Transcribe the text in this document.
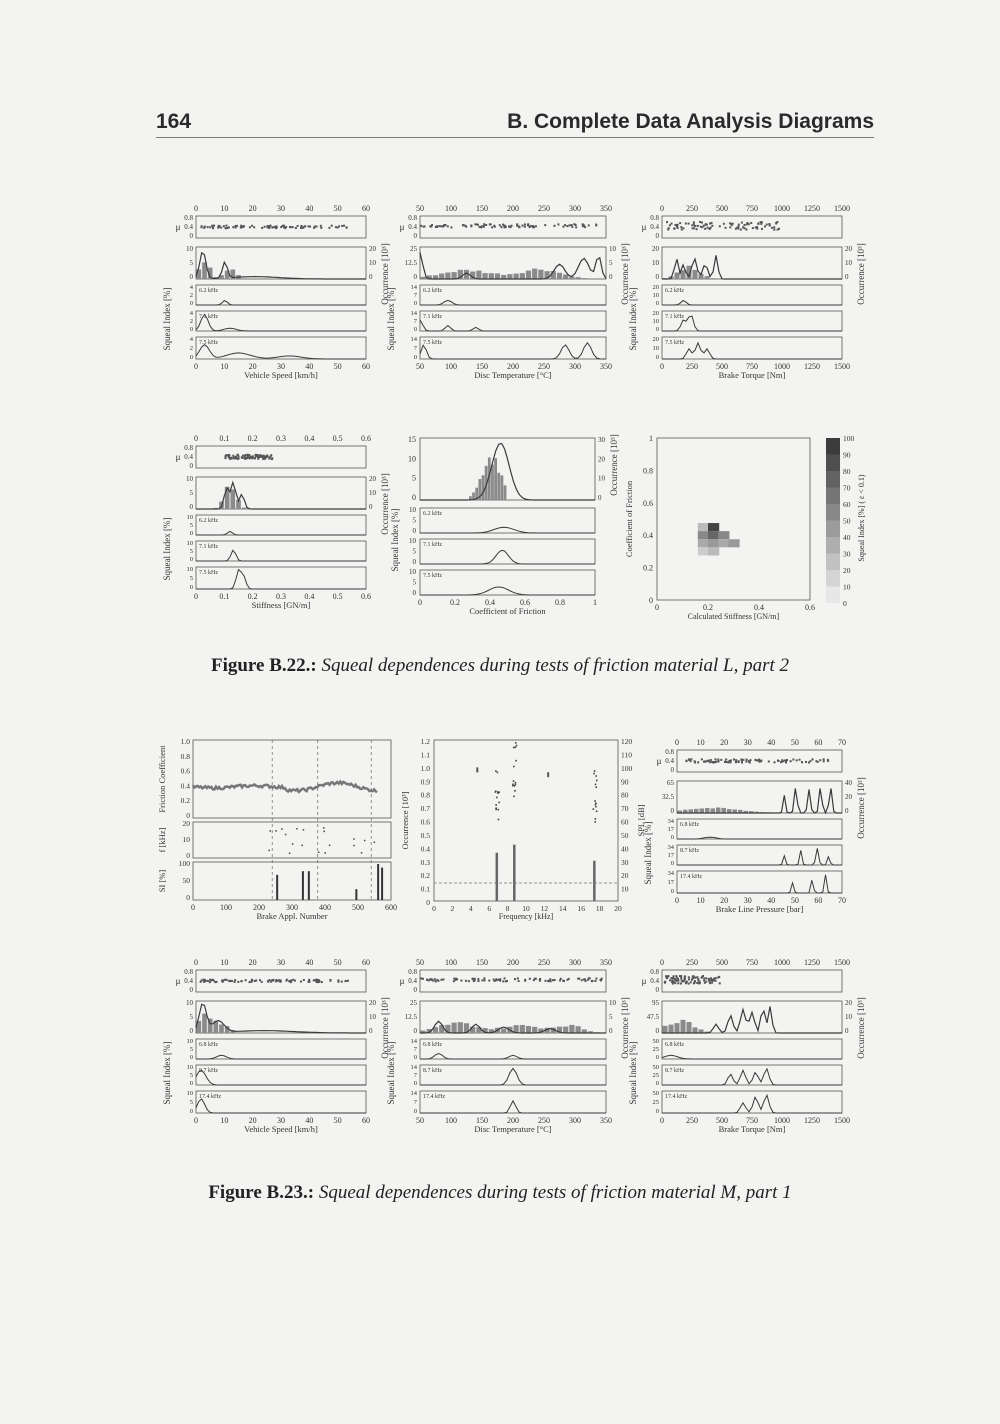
164	B. Complete Data Analysis Diagrams
0	10	20	30	40	50	60
μ
0.8
0.4
0
10
5
0
20
10
0
4
2
0
6.2 kHz
4
2
0
7.1 kHz
4
2
0
7.5 kHz
Squeal Index [%]
Occurrence [10³]
0	10	20	30	40	50	60
Vehicle Speed [km/h]
50	100 150 200 250 300 350
μ
0.8
0.4
0
25
12.5
0
10
5
0
14
7
0
6.2 kHz
14
7
0
7.1 kHz
14
7
0
7.5 kHz
Squeal Index [%]
Occurrence [10³]
50	100 150 200 250 300 350
Disc Temperature [°C]
0	250 500 750 1000 1250 1500
μ
0.8
0.4
0
20
10
0
20
10
0
20
10
0
6.2 kHz
20
10
0
7.1 kHz
20
10
0
7.5 kHz
Squeal Index [%]
Occurrence [10³]
0	250 500 750 1000 1250 1500
Brake Torque [Nm]
0	0.1 0.2 0.3 0.4 0.5 0.6
μ
0.8
0.4
0
10
5
0
20
10
0
10
5
0
6.2 kHz
10
5
0
7.1 kHz
10
5
0
7.5 kHz
Squeal Index [%]
Occurrence [10³]
0	0.1 0.2 0.3 0.4 0.5 0.6
Stiffness [GN/m]
15
10
5
0
30
20
10
0
10
5
0
6.2 kHz
10
5
0
7.1 kHz
10
5
0
7.5 kHz
0	0.2	0.4	0.6	0.8	1
Coefficient of Friction
Squeal Index [%]
Occurrence [10³]	1
0.8
0.6
0.4
0.2
0
0	0.2	0.4	0.6
Calculated Stiffness [GN/m]
Coefficient of Friction
100
90
80
70
60
50
40
30
20
10
0
Squeal Index [%] ( ε < 0.1)
1.0
0.8
0.6
0.4
0.2
0
Friction Coefficient
20
10
0
f [kHz]
100
50
0
SI [%]
0	100	200	300	400	500	600
Brake Appl. Number
1.2
1.1
1.0
0.9
0.8
0.7
0.6
0.5
0.4
0.3
0.2
0.1
0
120
110
100
90
80
70
60
50
40
30
20
10
0 2 4 6 8 10 12 14 16 18 20
Frequency [kHz]
Occurrence [10³]	SPL [dB]
0 10 20 30 40 50 60 70
μ
0.8
0.4
0
65
32.5
0
40
20
0
34
17
0
6.8 kHz
34
17
0
8.7 kHz
34
17
0
17.4 kHz
Squeal Index [%]
Occurrence [10³]
0 10 20 30 40 50 60 70
Brake Line Pressure [bar]
0	10	20	30	40	50	60
μ
0.8
0.4
0
10
5
0
20
10
0
10
5
0
6.8 kHz
10
5
0
8.7 kHz
10
5
0
17.4 kHz
Squeal Index [%]
Occurrence [10³]
0	10	20	30	40	50	60
Vehicle Speed [km/h]
50	100 150 200 250 300 350
μ
0.8
0.4
0
25
12.5
0
10
5
0
14
7
0
6.8 kHz
14
7
0
8.7 kHz
14
7
0
17.4 kHz
Squeal Index [%]
Occurrence [10³]
50	100 150 200 250 300 350
Disc Temperature [°C]
0	250 500 750 1000 1250 1500
μ
0.8
0.4
0
95
47.5
0
20
10
0
50
25
0
6.8 kHz
50
25
0
8.7 kHz
50
25
0
17.4 kHz
Squeal Index [%]
Occurrence [10³]
0	250 500 750 1000 1250 1500
Brake Torque [Nm]
Figure B.22.: Squeal dependences during tests of friction material L, part 2
Figure B.23.: Squeal dependences during tests of friction material M, part 1
